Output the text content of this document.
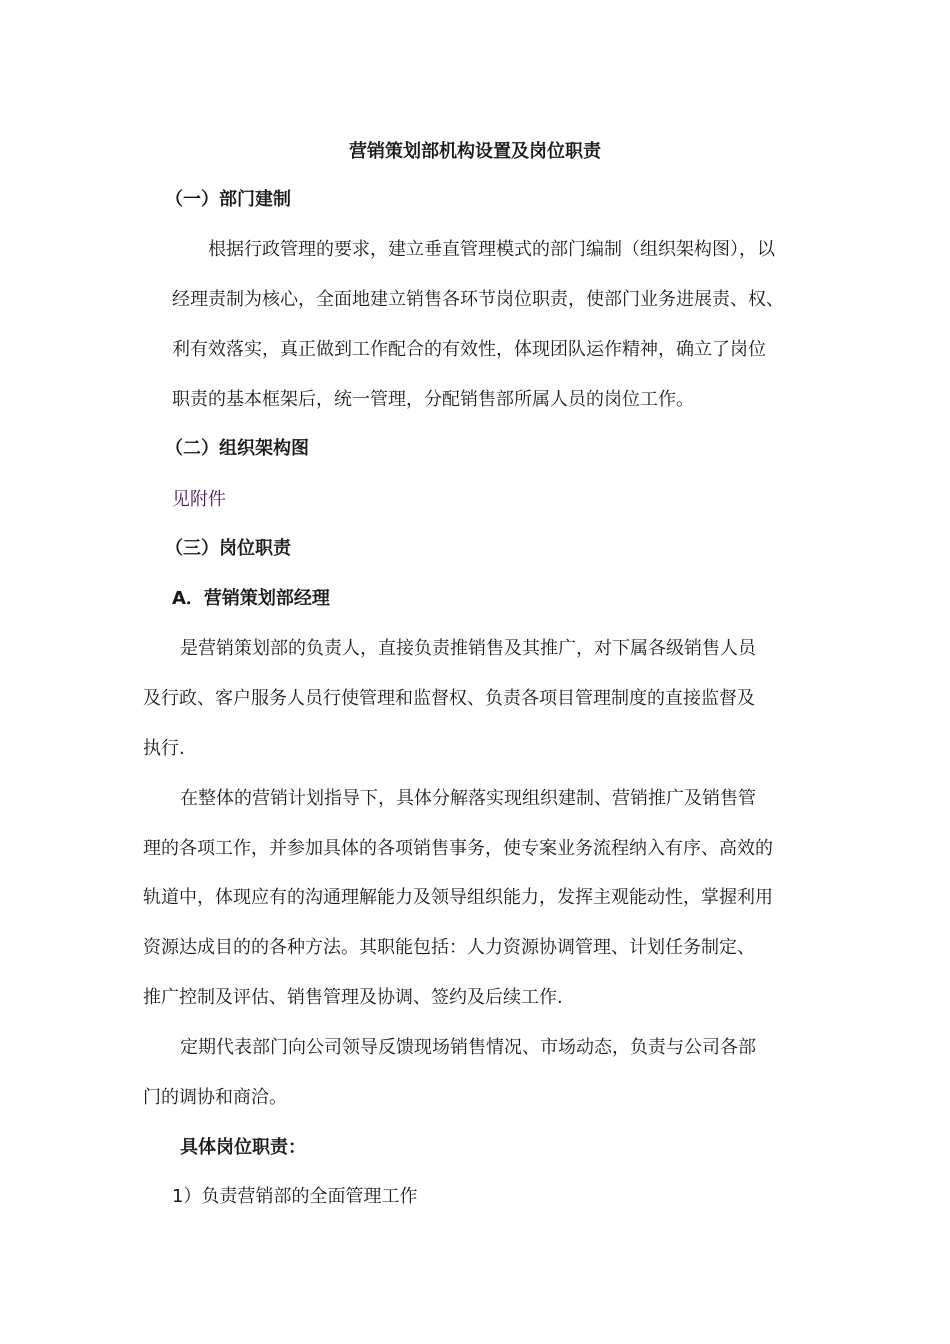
营销策划部机构设置及岗位职责
（一）部门建制
根据行政管理的要求，建立垂直管理模式的部门编制（组织架构图），以
经理责制为核心，全面地建立销售各环节岗位职责，使部门业务进展责、权、
利有效落实，真正做到工作配合的有效性，体现团队运作精神，确立了岗位
职责的基本框架后，统一管理，分配销售部所属人员的岗位工作。
（二）组织架构图
见附件
（三）岗位职责
A．营销策划部经理
是营销策划部的负责人，直接负责推销售及其推广，对下属各级销售人员
及行政、客户服务人员行使管理和监督权、负责各项目管理制度的直接监督及
执行.
在整体的营销计划指导下，具体分解落实现组织建制、营销推广及销售管
理的各项工作，并参加具体的各项销售事务，使专案业务流程纳入有序、高效的
轨道中，体现应有的沟通理解能力及领导组织能力，发挥主观能动性，掌握利用
资源达成目的的各种方法。其职能包括：人力资源协调管理、计划任务制定、
推广控制及评估、销售管理及协调、签约及后续工作.
定期代表部门向公司领导反馈现场销售情况、市场动态，负责与公司各部
门的调协和商洽。
具体岗位职责：
1）负责营销部的全面管理工作
